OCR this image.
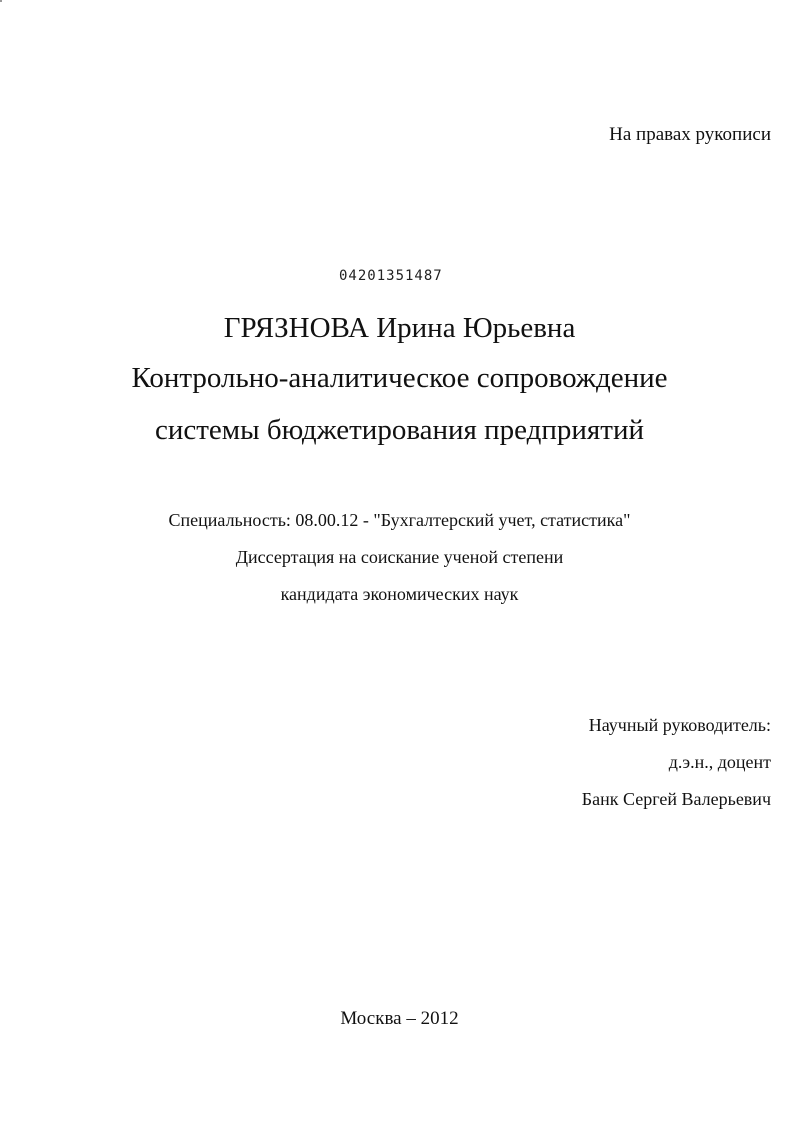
На правах рукописи
04201351487
ГРЯЗНОВА Ирина Юрьевна
Контрольно-аналитическое сопровождение
системы бюджетирования предприятий
Специальность: 08.00.12 - "Бухгалтерский учет, статистика"
Диссертация на соискание ученой степени
кандидата экономических наук
Научный руководитель:
д.э.н., доцент
Банк Сергей Валерьевич
Москва – 2012
